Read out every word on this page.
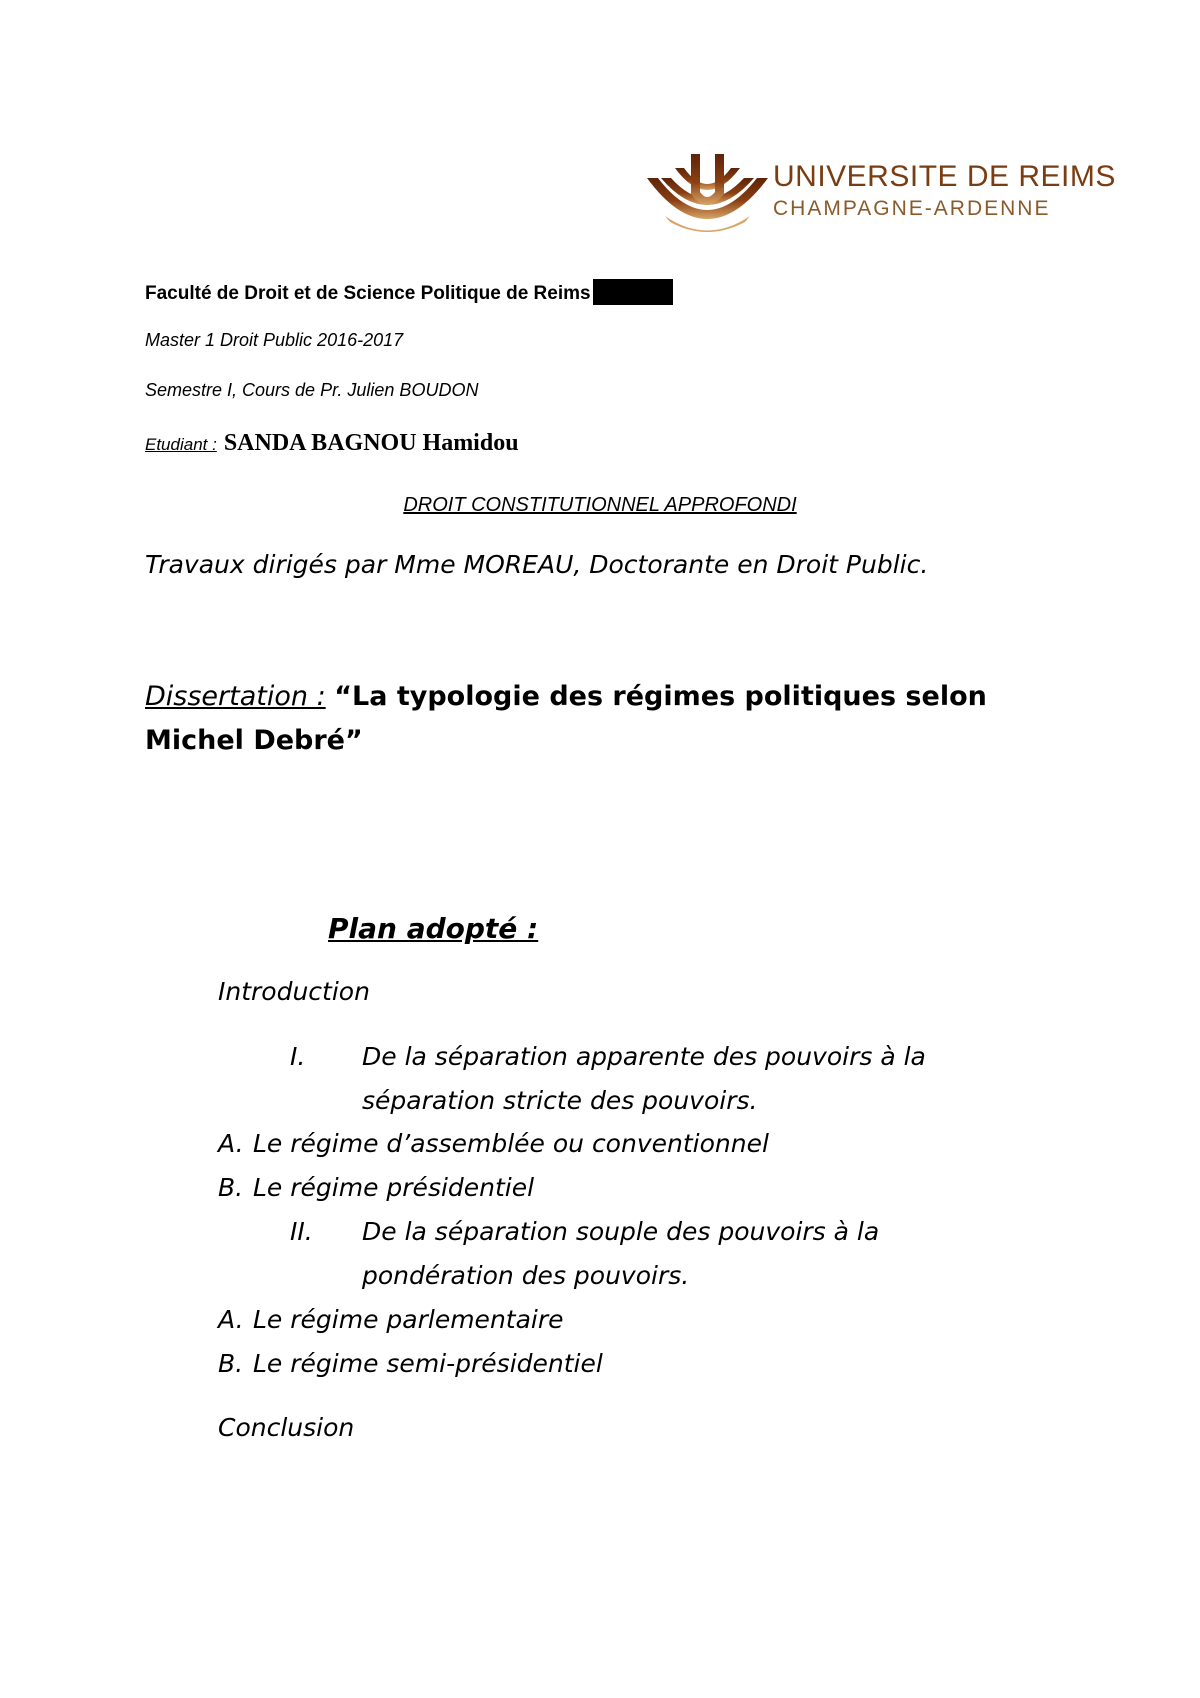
UNIVERSITE DE REIMS
CHAMPAGNE-ARDENNE
Faculté de Droit et de Science Politique de Reims
Master 1 Droit Public 2016-2017
Semestre I, Cours de Pr. Julien BOUDON
Etudiant : SANDA BAGNOU Hamidou
DROIT CONSTITUTIONNEL APPROFONDI
Travaux dirigés par Mme MOREAU, Doctorante en Droit Public.
Dissertation : “La typologie des régimes politiques selon Michel Debré”
Plan adopté :
Introduction
I. De la séparation apparente des pouvoirs à la
séparation stricte des pouvoirs.
A. Le régime d’assemblée ou conventionnel
B. Le régime présidentiel
II. De la séparation souple des pouvoirs à la
pondération des pouvoirs.
A. Le régime parlementaire
B. Le régime semi-présidentiel
Conclusion
